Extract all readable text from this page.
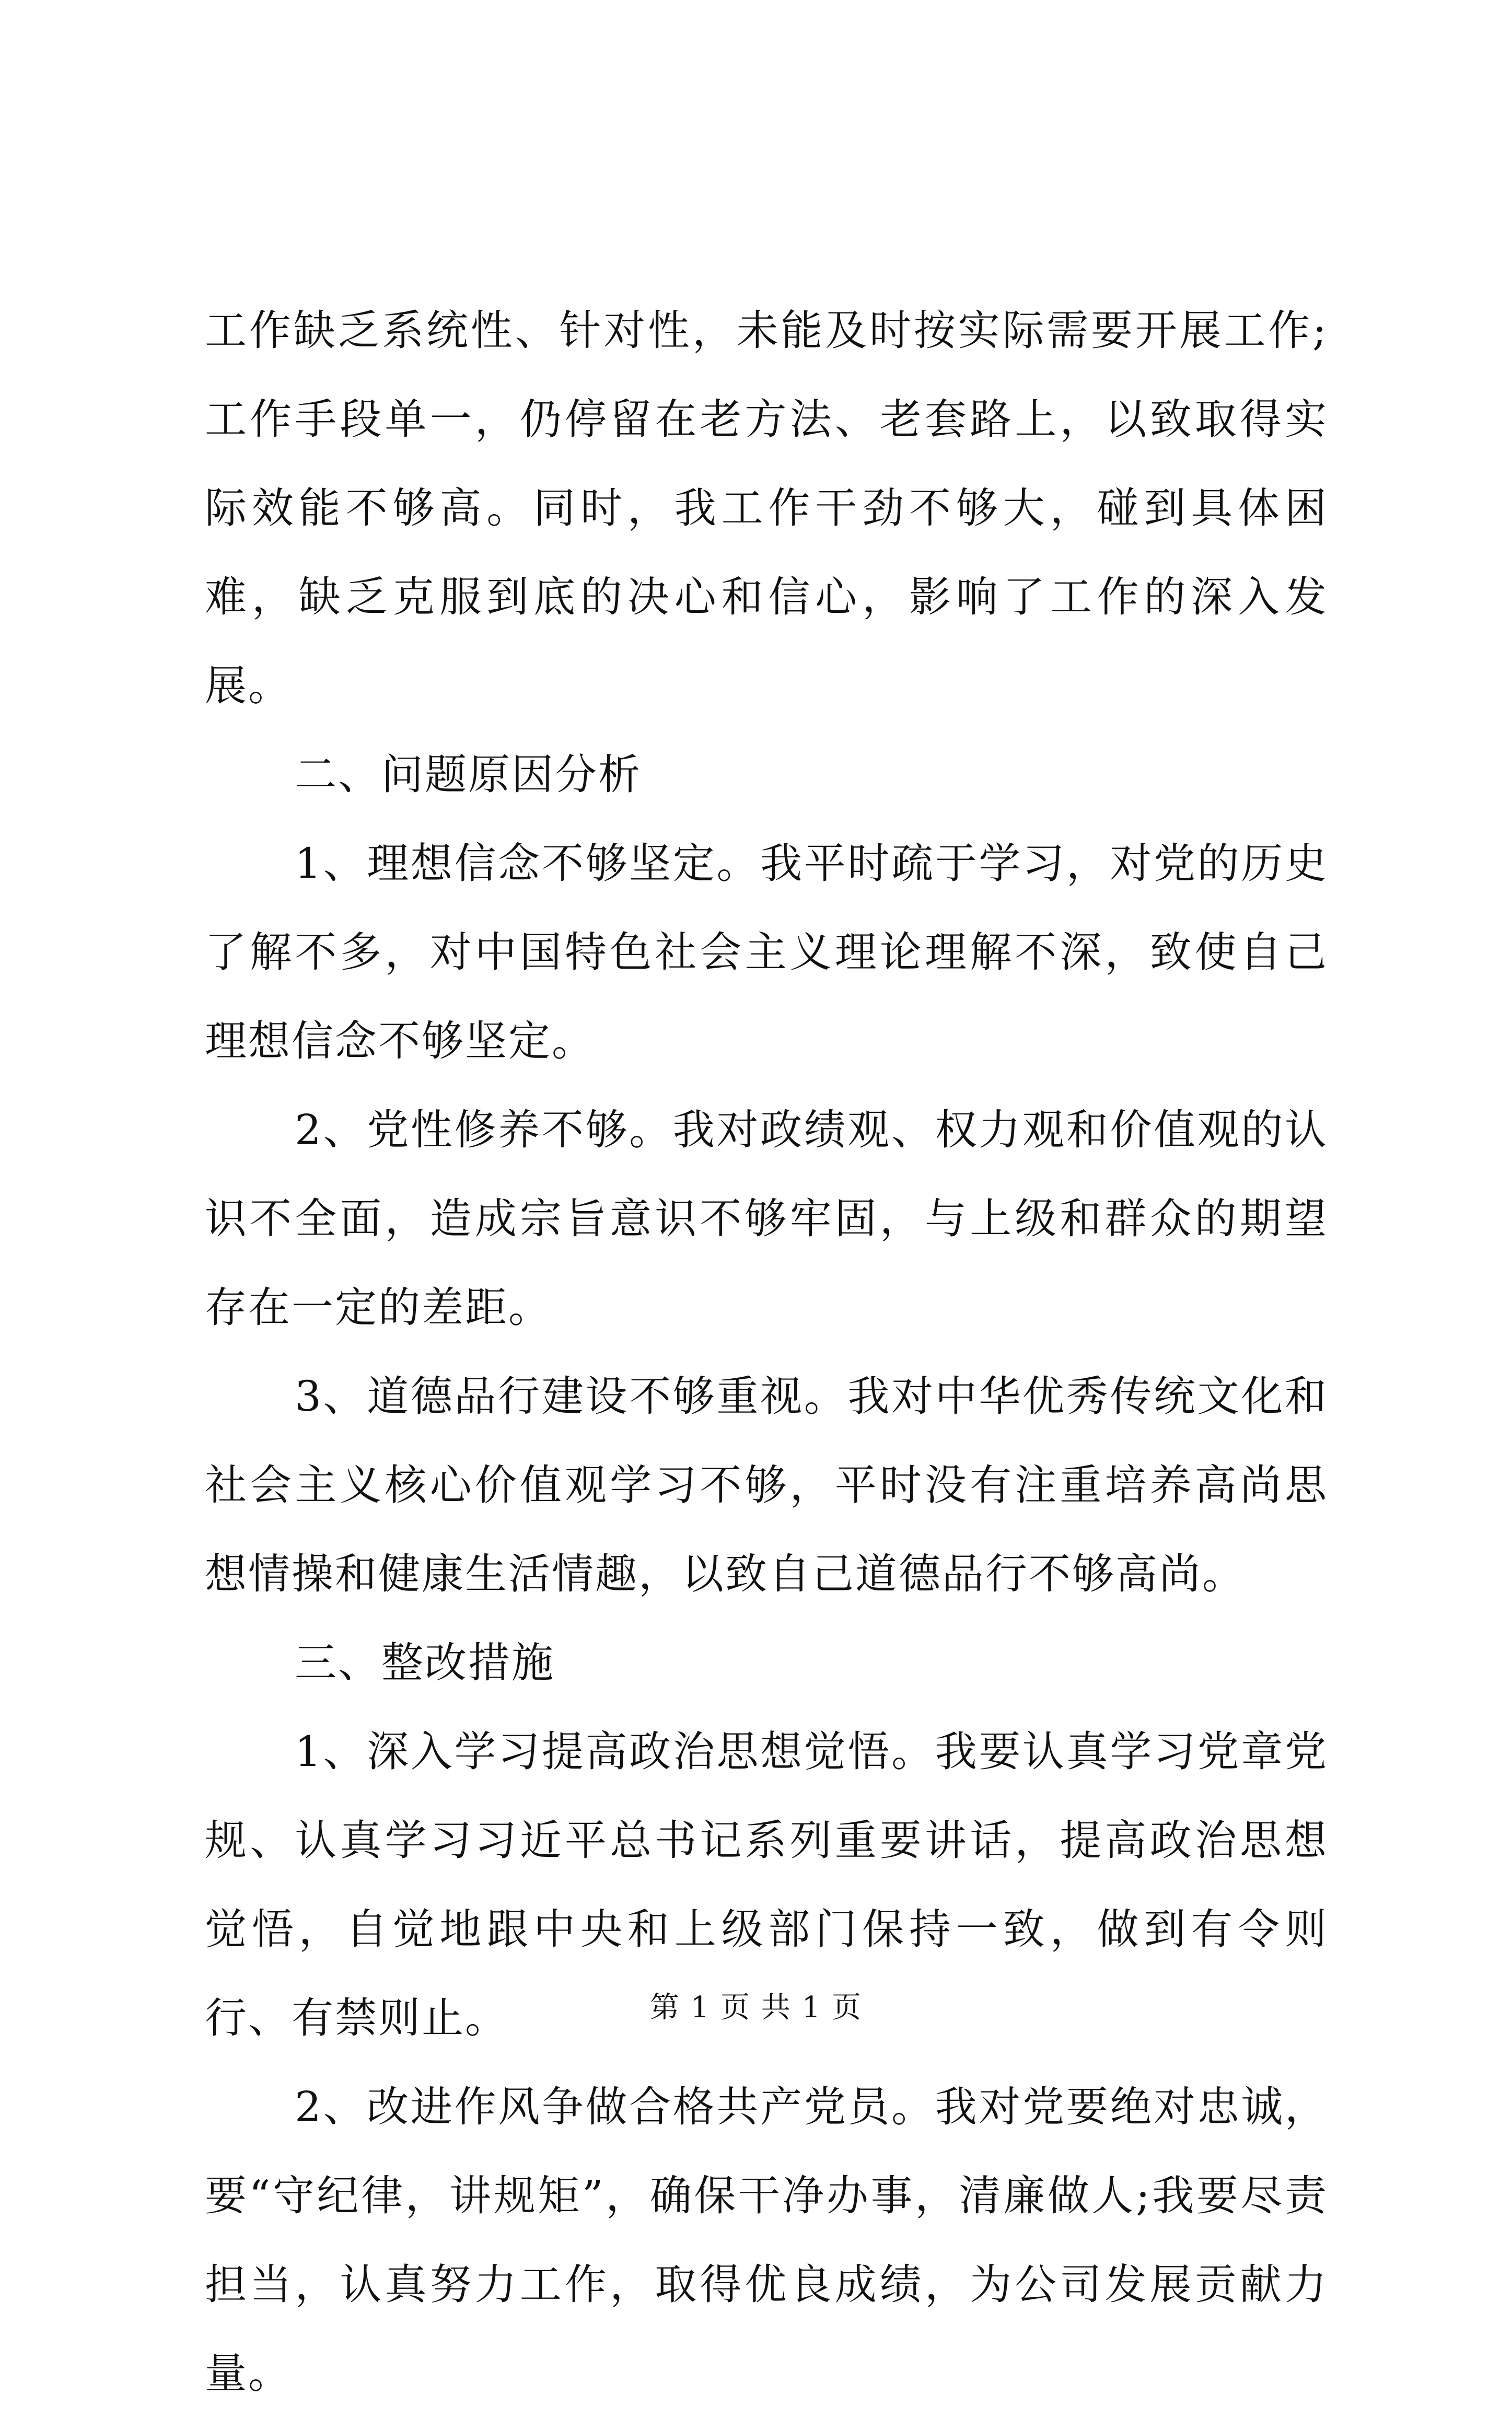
工作缺乏系统性、针对性，未能及时按实际需要开展工作;工作手段单一，仍停留在老方法、老套路上，以致取得实际效能不够高。同时，我工作干劲不够大，碰到具体困难，缺乏克服到底的决心和信心，影响了工作的深入发展。

二、问题原因分析

1、理想信念不够坚定。我平时疏于学习，对党的历史了解不多，对中国特色社会主义理论理解不深，致使自己理想信念不够坚定。

2、党性修养不够。我对政绩观、权力观和价值观的认识不全面，造成宗旨意识不够牢固，与上级和群众的期望存在一定的差距。

3、道德品行建设不够重视。我对中华优秀传统文化和社会主义核心价值观学习不够，平时没有注重培养高尚思想情操和健康生活情趣，以致自己道德品行不够高尚。

三、整改措施

1、深入学习提高政治思想觉悟。我要认真学习党章党规、认真学习习近平总书记系列重要讲话，提高政治思想觉悟，自觉地跟中央和上级部门保持一致，做到有令则行、有禁则止。

2、改进作风争做合格共产党员。我对党要绝对忠诚，要“守纪律，讲规矩”，确保干净办事，清廉做人;我要尽责担当，认真努力工作，取得优良成绩，为公司发展贡献力量。

第 1 页 共 1 页
